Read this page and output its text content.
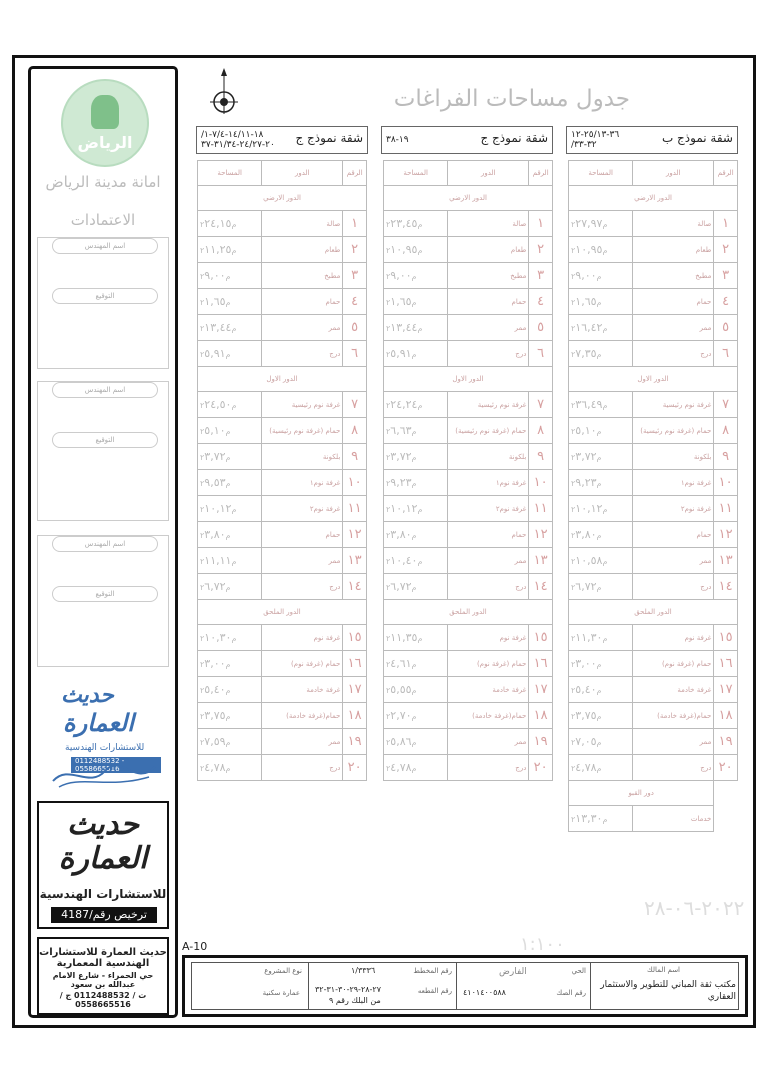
الرياض
امانة مدينة الرياض
الاعتمادات
اسم المهندس
التوقيع
اسم المهندس
التوقيع
اسم المهندس
التوقيع
حديث
العمارة
للاستشارات الهندسية
0112488532 - 0558665516
حديث
العمارة
للاستشارات الهندسية
ترخيص رقم/4187
حديث العمارة للاستشارات الهندسية المعمارية
حي الحمراء - شارع الامام عبدالله بن سعود
ت / 0112488532 ج / 0558665516
جدول مساحات الفراغات
شقة نموذج ب
٣٦-٢٥/١٣-١٢
/٣٢-٣٣
شقة نموذج ج
١٩-٣٨
شقة نموذج ج
/١٨-١٤/١١-٧/٤-١
٢٠-٢٤/٢٧-٣١/٣٤-٣٧
المساحة	الدور	الرقم
الدور الارضي		
م٢٢٧,٩٧	صالة	١
م٢١٠,٩٥	طعام	٢
م٢٩,٠٠	مطبخ	٣
م٢١,٦٥	حمام	٤
م٢١٦,٤٢	ممر	٥
م٢٧,٣٥	درج	٦
الدور الاول		
م٢٣٦,٤٩	غرفة نوم رئيسية	٧
م٢٥,١٠	حمام (غرفة نوم رئيسية)	٨
م٢٣,٧٢	بلكونة	٩
م٢٩,٢٣	غرفة نوم١	١٠
م٢١٠,١٢	غرفة نوم٢	١١
م٢٣,٨٠	حمام	١٢
م٢١٠,٥٨	ممر	١٣
م٢٦,٧٢	درج	١٤
الدور الملحق		
م٢١١,٣٠	غرفة نوم	١٥
م٢٣,٠٠	حمام (غرفة نوم)	١٦
م٢٥,٤٠	غرفة خادمة	١٧
م٢٣,٧٥	حمام(غرفة خادمة)	١٨
م٢٧,٠٥	ممر	١٩
م٢٤,٧٨	درج	٢٠
دور القبو		
م٢١٣,٣٠	خدمات	
المساحة	الدور	الرقم
الدور الارضي		
م٢٢٣,٤٥	صالة	١
م٢١٠,٩٥	طعام	٢
م٢٩,٠٠	مطبخ	٣
م٢١,٦٥	حمام	٤
م٢١٣,٤٤	ممر	٥
م٢٥,٩١	درج	٦
الدور الاول		
م٢٢٤,٢٤	غرفة نوم رئيسية	٧
م٢٦,٦٣	حمام (غرفة نوم رئيسية)	٨
م٢٣,٧٢	بلكونة	٩
م٢٩,٢٣	غرفة نوم١	١٠
م٢١٠,١٢	غرفة نوم٢	١١
م٢٣,٨٠	حمام	١٢
م٢١٠,٤٠	ممر	١٣
م٢٦,٧٢	درج	١٤
الدور الملحق		
م٢١١,٣٥	غرفة نوم	١٥
م٢٤,٦١	حمام (غرفة نوم)	١٦
م٢٥,٥٥	غرفة خادمة	١٧
م٢٢,٧٠	حمام(غرفة خادمة)	١٨
م٢٥,٨٦	ممر	١٩
م٢٤,٧٨	درج	٢٠
المساحة	الدور	الرقم
الدور الارضي		
م٢٢٤,١٥	صالة	١
م٢١١,٢٥	طعام	٢
م٢٩,٠٠	مطبخ	٣
م٢١,٦٥	حمام	٤
م٢١٣,٤٤	ممر	٥
م٢٥,٩١	درج	٦
الدور الاول		
م٢٢٤,٥٠	غرفة نوم رئيسية	٧
م٢٥,١٠	حمام (غرفة نوم رئيسية)	٨
م٢٣,٧٢	بلكونة	٩
م٢٩,٥٣	غرفة نوم١	١٠
م٢١٠,١٢	غرفة نوم٢	١١
م٢٣,٨٠	حمام	١٢
م٢١١,١١	ممر	١٣
م٢٦,٧٢	درج	١٤
الدور الملحق		
م٢١٠,٣٠	غرفة نوم	١٥
م٢٣,٠٠	حمام (غرفة نوم)	١٦
م٢٥,٤٠	غرفة خادمة	١٧
م٢٣,٧٥	حمام(غرفة خادمة)	١٨
م٢٧,٥٩	ممر	١٩
م٢٤,٧٨	درج	٢٠
٢٠٢٢-٠٦-٢٨
١:١٠٠
A-10
نوع المشروع
عمارة سكنية
رقم المخطط
١/٣٣٣٦
رقم القطعه
٢٧-٢٨-٢٩-٣٠-٣١-٣٢
من البلك رقم ٩
الحي
الفارض
رقم الصك
٤١٠١٤٠٠٥٨٨
اسم المالك
مكتب ثقة المباني للتطوير والاستثمار العقاري
